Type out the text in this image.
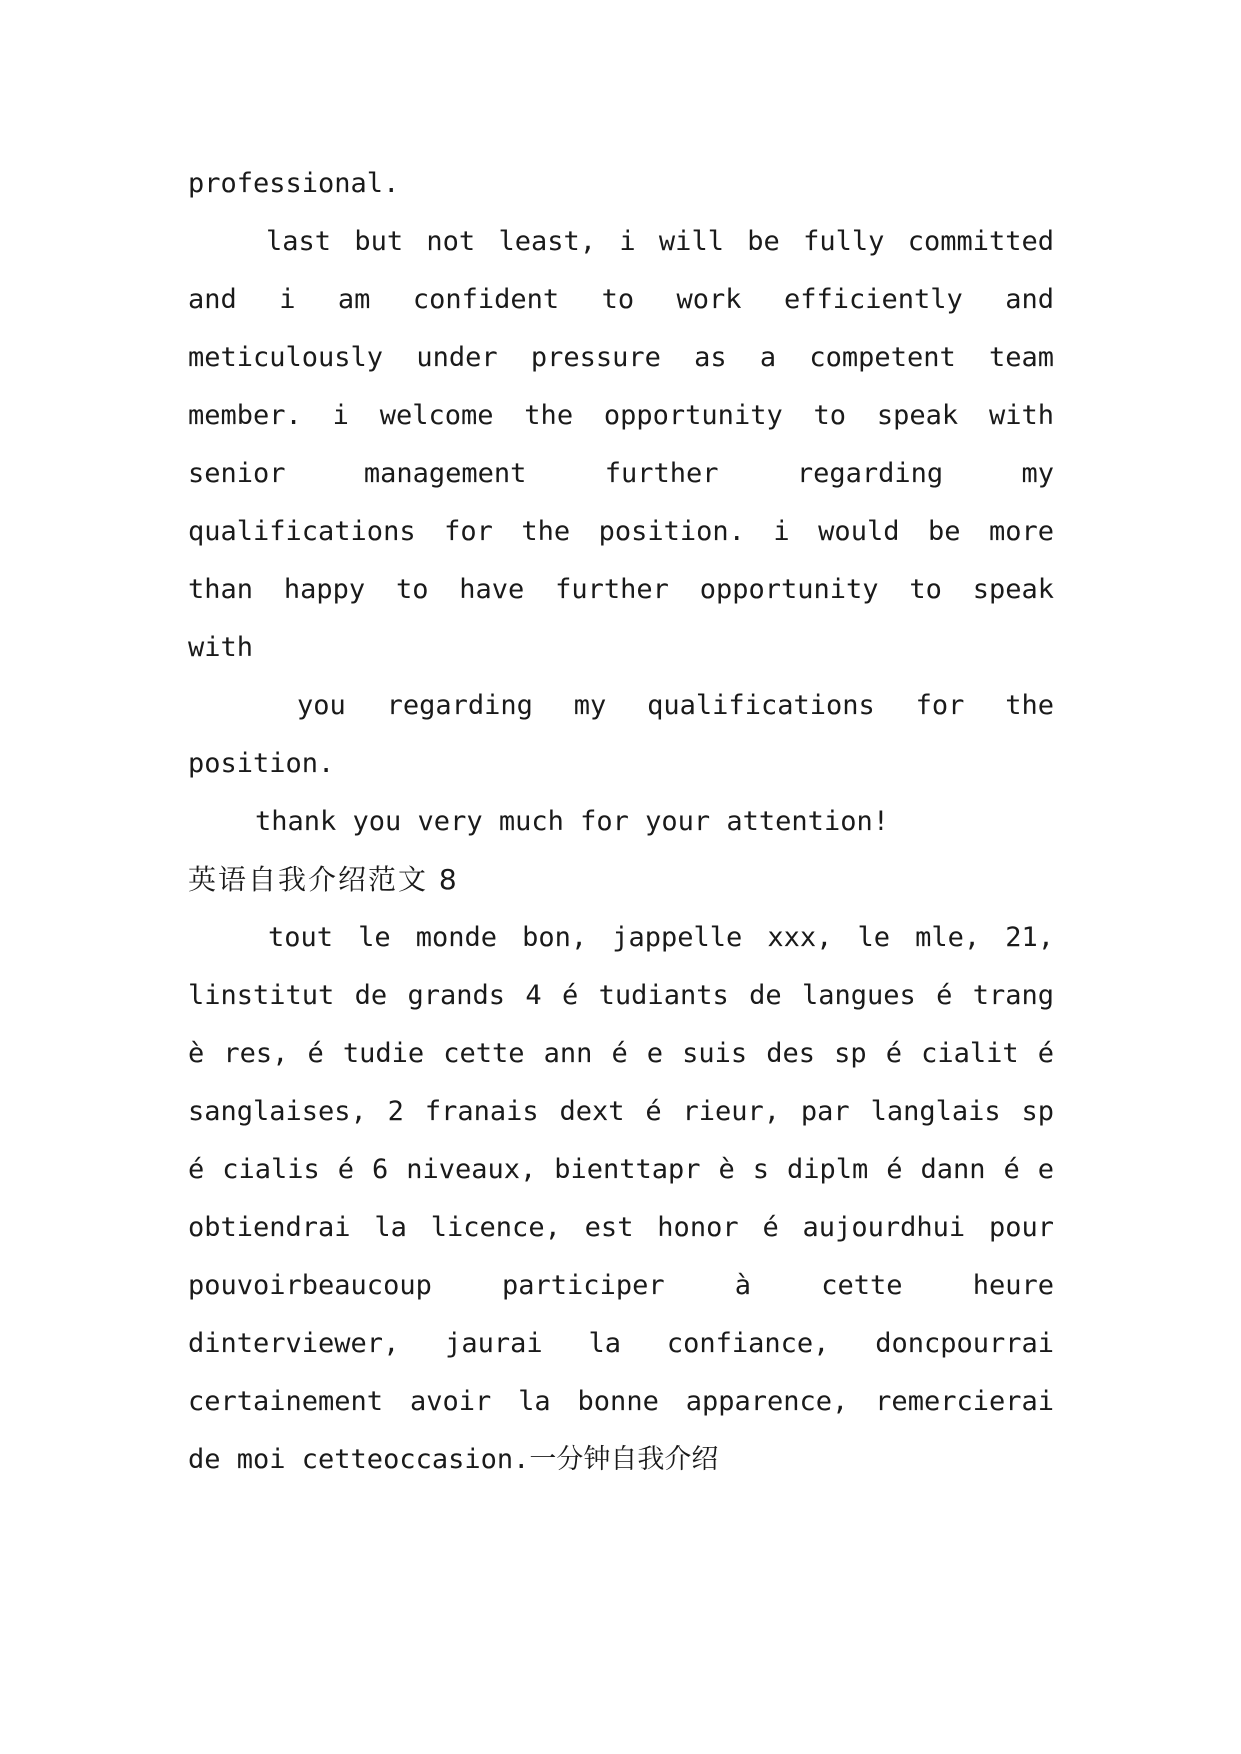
professional.
last but not least, i will be fully committed
and i am confident to work efficiently and
meticulously under pressure as a competent team
member. i welcome the opportunity to speak with
senior management further regarding my
qualifications for the position. i would be more
than happy to have further opportunity to speak
with
you regarding my qualifications for the
position.
thank you very much for your attention!
英语自我介绍范文 8
tout le monde bon, jappelle xxx, le mle, 21,
linstitut de grands 4 é tudiants de langues é trang
è res, é tudie cette ann é e suis des sp é cialit é
sanglaises, 2 franais dext é rieur, par langlais sp
é cialis é 6 niveaux, bienttapr è s diplm é dann é e
obtiendrai la licence, est honor é aujourdhui pour
pouvoirbeaucoup participer à cette heure
dinterviewer, jaurai la confiance, doncpourrai
certainement avoir la bonne apparence, remercierai
de moi cetteoccasion.一分钟自我介绍
